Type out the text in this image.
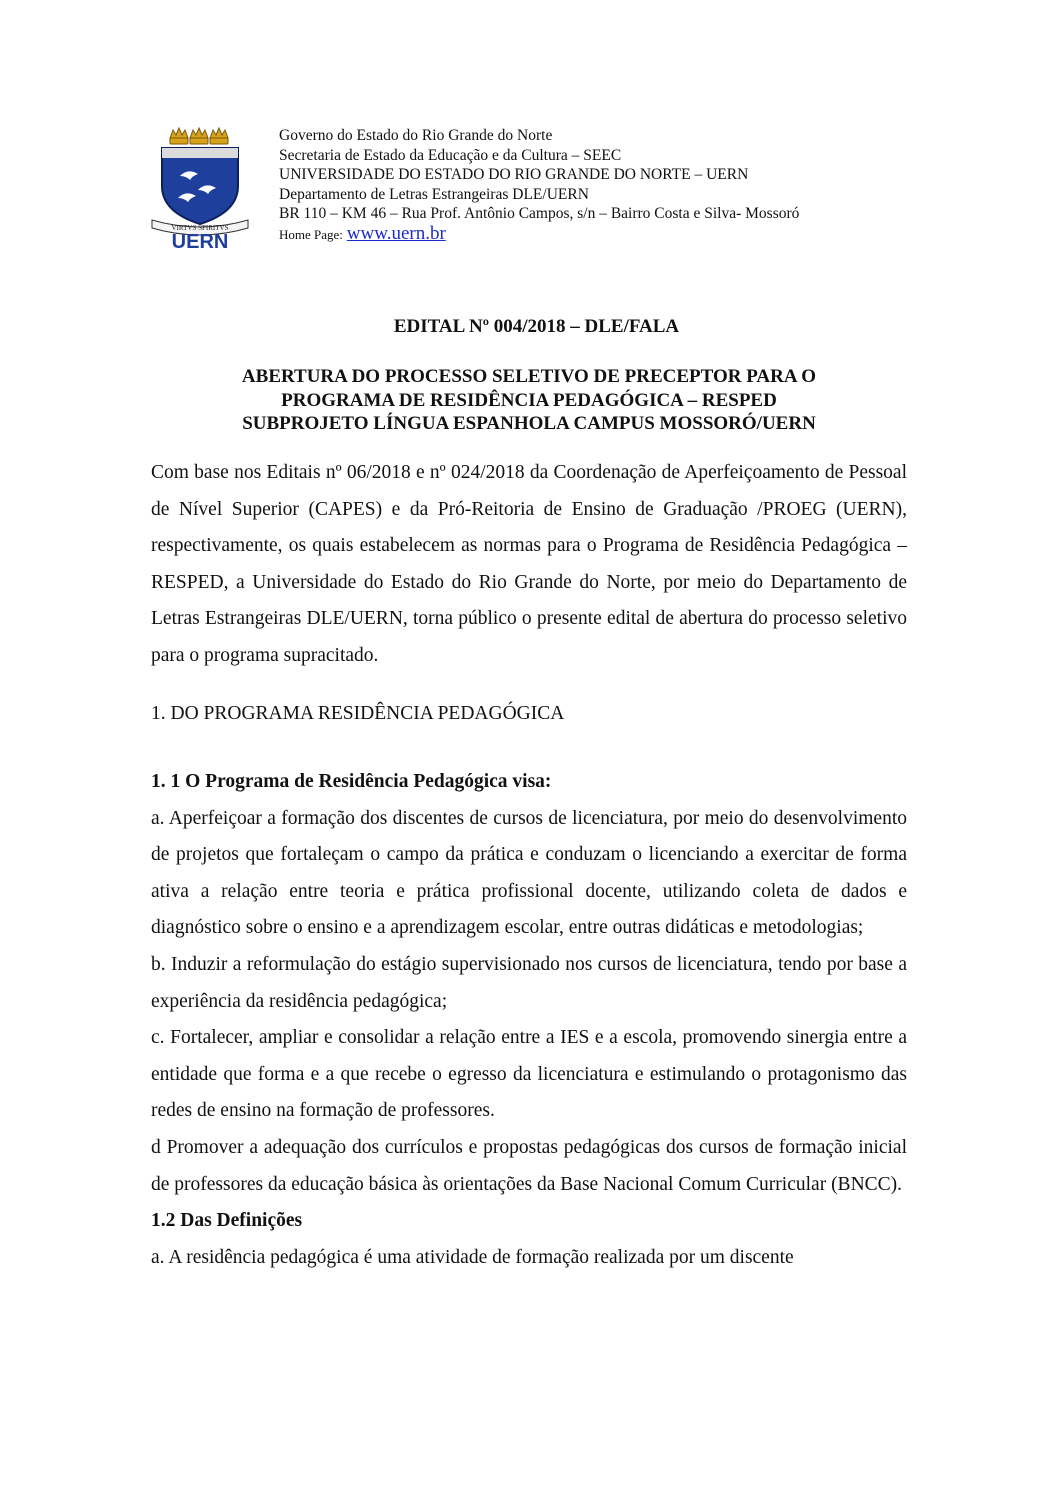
VIRTVS SPIRITVS
UERN
Governo do Estado do Rio Grande do Norte
Secretaria de Estado da Educação e da Cultura – SEEC
UNIVERSIDADE DO ESTADO DO RIO GRANDE DO NORTE – UERN
Departamento de Letras Estrangeiras DLE/UERN
BR 110 – KM 46 – Rua Prof. Antônio Campos, s/n – Bairro Costa e Silva- Mossoró
Home Page: www.uern.br
EDITAL Nº 004/2018 – DLE/FALA
ABERTURA DO PROCESSO SELETIVO DE PRECEPTOR PARA O
PROGRAMA DE RESIDÊNCIA PEDAGÓGICA – RESPED
SUBPROJETO LÍNGUA ESPANHOLA CAMPUS MOSSORÓ/UERN
Com base nos Editais nº 06/2018 e nº 024/2018 da Coordenação de Aperfeiçoamento de Pessoal de Nível Superior (CAPES) e da Pró-Reitoria de Ensino de Graduação /PROEG (UERN), respectivamente, os quais estabelecem as normas para o Programa de Residência Pedagógica – RESPED, a Universidade do Estado do Rio Grande do Norte, por meio do Departamento de Letras Estrangeiras DLE/UERN, torna público o presente edital de abertura do processo seletivo para o programa supracitado.
1. DO PROGRAMA RESIDÊNCIA PEDAGÓGICA

1. 1 O Programa de Residência Pedagógica visa:

a. Aperfeiçoar a formação dos discentes de cursos de licenciatura, por meio do desenvolvimento de projetos que fortaleçam o campo da prática e conduzam o licenciando a exercitar de forma ativa a relação entre teoria e prática profissional docente, utilizando coleta de dados e diagnóstico sobre o ensino e a aprendizagem escolar, entre outras didáticas e metodologias;

b. Induzir a reformulação do estágio supervisionado nos cursos de licenciatura, tendo por base a experiência da residência pedagógica;

c. Fortalecer, ampliar e consolidar a relação entre a IES e a escola, promovendo sinergia entre a entidade que forma e a que recebe o egresso da licenciatura e estimulando o protagonismo das redes de ensino na formação de professores.

d Promover a adequação dos currículos e propostas pedagógicas dos cursos de formação inicial de professores da educação básica às orientações da Base Nacional Comum Curricular (BNCC).

1.2 Das Definições

a. A residência pedagógica é uma atividade de formação realizada por um discente
